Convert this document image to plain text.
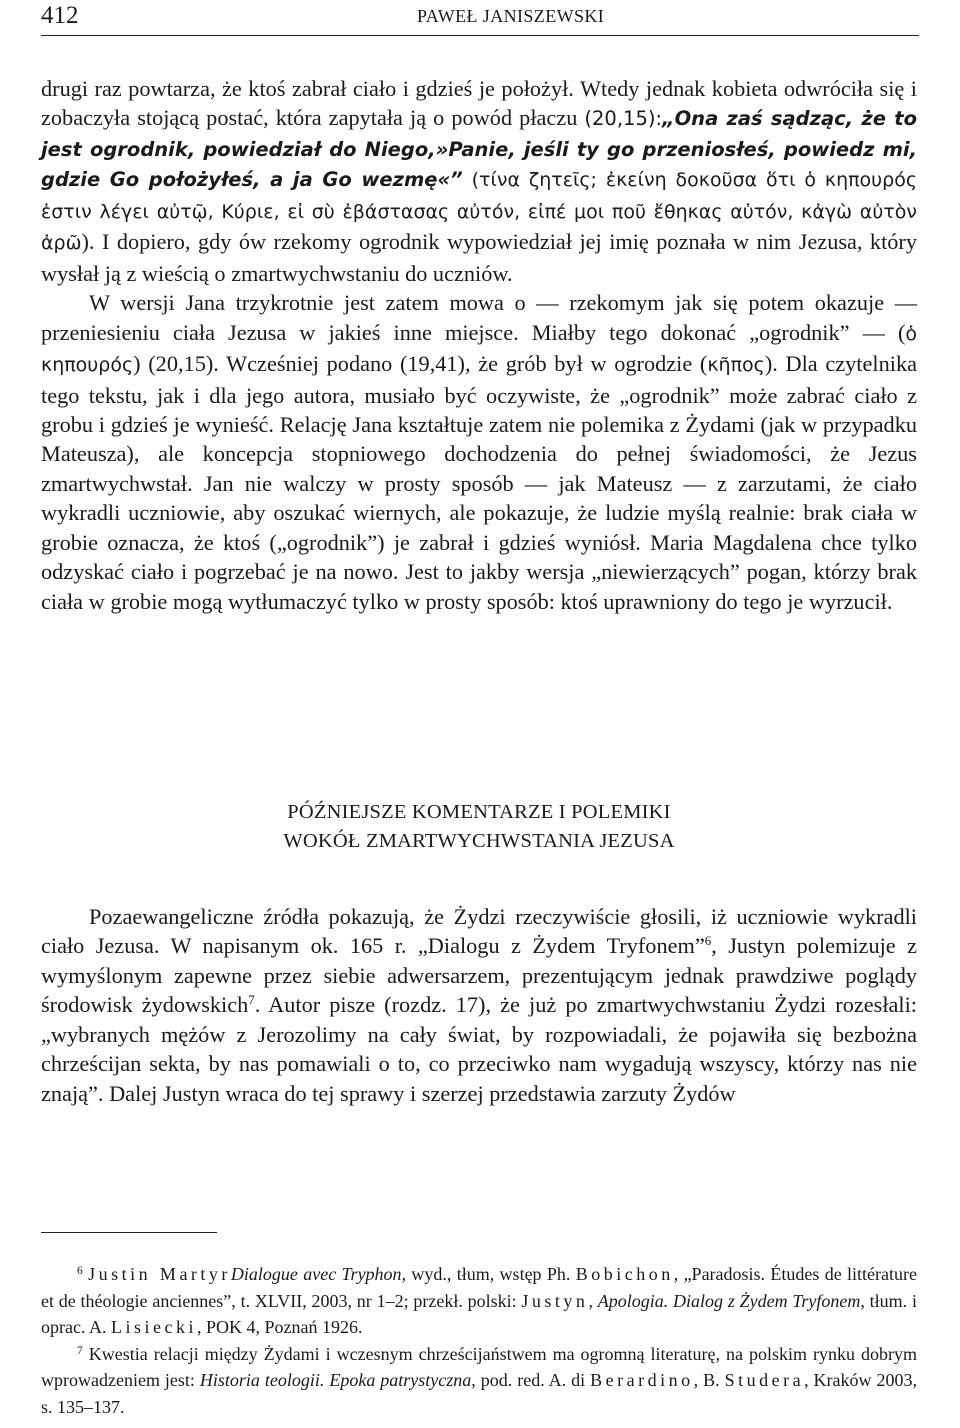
412	PAWEŁ JANISZEWSKI

drugi raz powtarza, że ktoś zabrał ciało i gdzieś je położył. Wtedy jednak kobieta odwróciła się i zobaczyła stojącą postać, która zapytała ją o powód płaczu (20,15):„Ona zaś sądząc, że to jest ogrodnik, powiedział do Niego,»Panie, jeśli ty go przeniosłeś, powiedz mi, gdzie Go położyłeś, a ja Go wezmę«” (τίνα ζητεῖς; ἐκείνη δοκοῦσα ὅτι ὁ κηπουρός ἐστιν λέγει αὐτῷ, Κύριε, εἰ σὺ ἐβάστασας αὐτόν, εἰπέ μοι ποῦ ἔθηκας αὐτόν, κἀγὼ αὐτὸν ἀρῶ). I dopiero, gdy ów rzekomy ogrodnik wypowiedział jej imię poznała w nim Jezusa, który wysłał ją z wieścią o zmartwychwstaniu do uczniów.

W wersji Jana trzykrotnie jest zatem mowa o — rzekomym jak się potem okazuje — przeniesieniu ciała Jezusa w jakieś inne miejsce. Miałby tego dokonać „ogrodnik” — (ὁ κηπουρός) (20,15). Wcześniej podano (19,41), że grób był w ogrodzie (κῆπος). Dla czytelnika tego tekstu, jak i dla jego autora, musiało być oczywiste, że „ogrodnik” może zabrać ciało z grobu i gdzieś je wynieść. Relację Jana kształtuje zatem nie polemika z Żydami (jak w przypadku Mateusza), ale koncepcja stopniowego dochodzenia do pełnej świadomości, że Jezus zmartwychwstał. Jan nie walczy w prosty sposób — jak Mateusz — z zarzutami, że ciało wykradli uczniowie, aby oszukać wiernych, ale pokazuje, że ludzie myślą realnie: brak ciała w grobie oznacza, że ktoś („ogrodnik”) je zabrał i gdzieś wyniósł. Maria Magdalena chce tylko odzyskać ciało i pogrzebać je na nowo. Jest to jakby wersja „niewierzących” pogan, którzy brak ciała w grobie mogą wytłumaczyć tylko w prosty sposób: ktoś uprawniony do tego je wyrzucił.

PÓŹNIEJSZE KOMENTARZE I POLEMIKI
WOKÓŁ ZMARTWYCHWSTANIA JEZUSA

Pozaewangeliczne źródła pokazują, że Żydzi rzeczywiście głosili, iż uczniowie wykradli ciało Jezusa. W napisanym ok. 165 r. „Dialogu z Żydem Tryfonem”$^6$, Justyn polemizuje z wymyślonym zapewne przez siebie adwersarzem, prezentującym jednak prawdziwe poglądy środowisk żydowskich$^7$. Autor pisze (rozdz. 17), że już po zmartwychwstaniu Żydzi rozesłali: „wybranych mężów z Jerozolimy na cały świat, by rozpowiadali, że pojawiła się bezbożna chrześcijan sekta, by nas pomawiali o to, co przeciwko nam wygadują wszyscy, którzy nas nie znają”. Dalej Justyn wraca do tej sprawy i szerzej przedstawia zarzuty Żydów

$^6$ Justin MartyrDialogue avec Tryphon, wyd., tłum, wstęp Ph. Bobichon, „Paradosis. Études de littérature et de théologie anciennes”, t. XLVII, 2003, nr 1–2; przekł. polski: Justyn, Apologia. Dialog z Żydem Tryfonem, tłum. i oprac. A. Lisiecki, POK 4, Poznań 1926.

$^7$ Kwestia relacji między Żydami i wczesnym chrześcijaństwem ma ogromną literaturę, na polskim rynku dobrym wprowadzeniem jest: Historia teologii. Epoka patrystyczna, pod. red. A. di Berardino, B. Studera, Kraków 2003, s. 135–137.
